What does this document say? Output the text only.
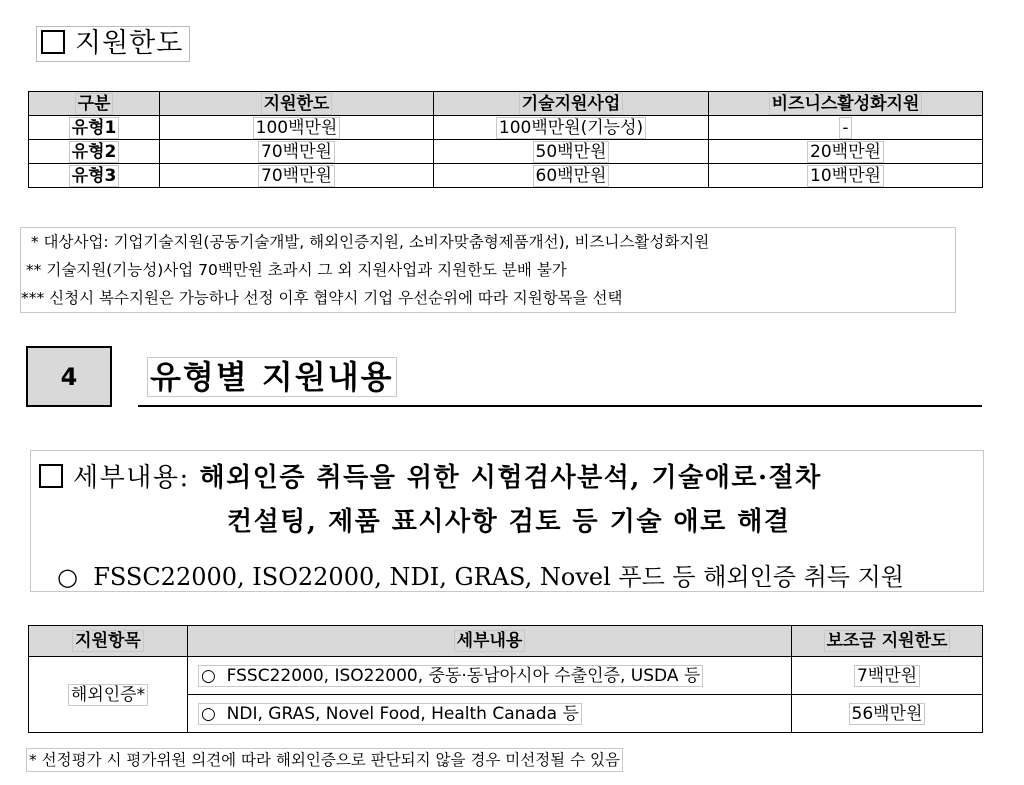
지원한도
구분	지원한도	기술지원사업	비즈니스활성화지원
유형1	100백만원	100백만원(기능성)	-
유형2	70백만원	50백만원	20백만원
유형3	70백만원	60백만원	10백만원
* 대상사업: 기업기술지원(공동기술개발, 해외인증지원, 소비자맞춤형제품개선), 비즈니스활성화지원
** 기술지원(기능성)사업 70백만원 초과시 그 외 지원사업과 지원한도 분배 불가
*** 신청시 복수지원은 가능하나 선정 이후 협약시 기업 우선순위에 따라 지원항목을 선택
4	유형별 지원내용
세부내용: 해외인증 취득을 위한 시험검사분석, 기술애로·절차
컨설팅, 제품 표시사항 검토 등 기술 애로 해결
○  FSSC22000, ISO22000, NDI, GRAS, Novel 푸드 등 해외인증 취득 지원
지원항목	세부내용	보조금 지원한도
해외인증*	○  FSSC22000, ISO22000, 중동·동남아시아 수출인증, USDA 등	7백만원
	○  NDI, GRAS, Novel Food, Health Canada 등	56백만원
* 선정평가 시 평가위원 의견에 따라 해외인증으로 판단되지 않을 경우 미선정될 수 있음
